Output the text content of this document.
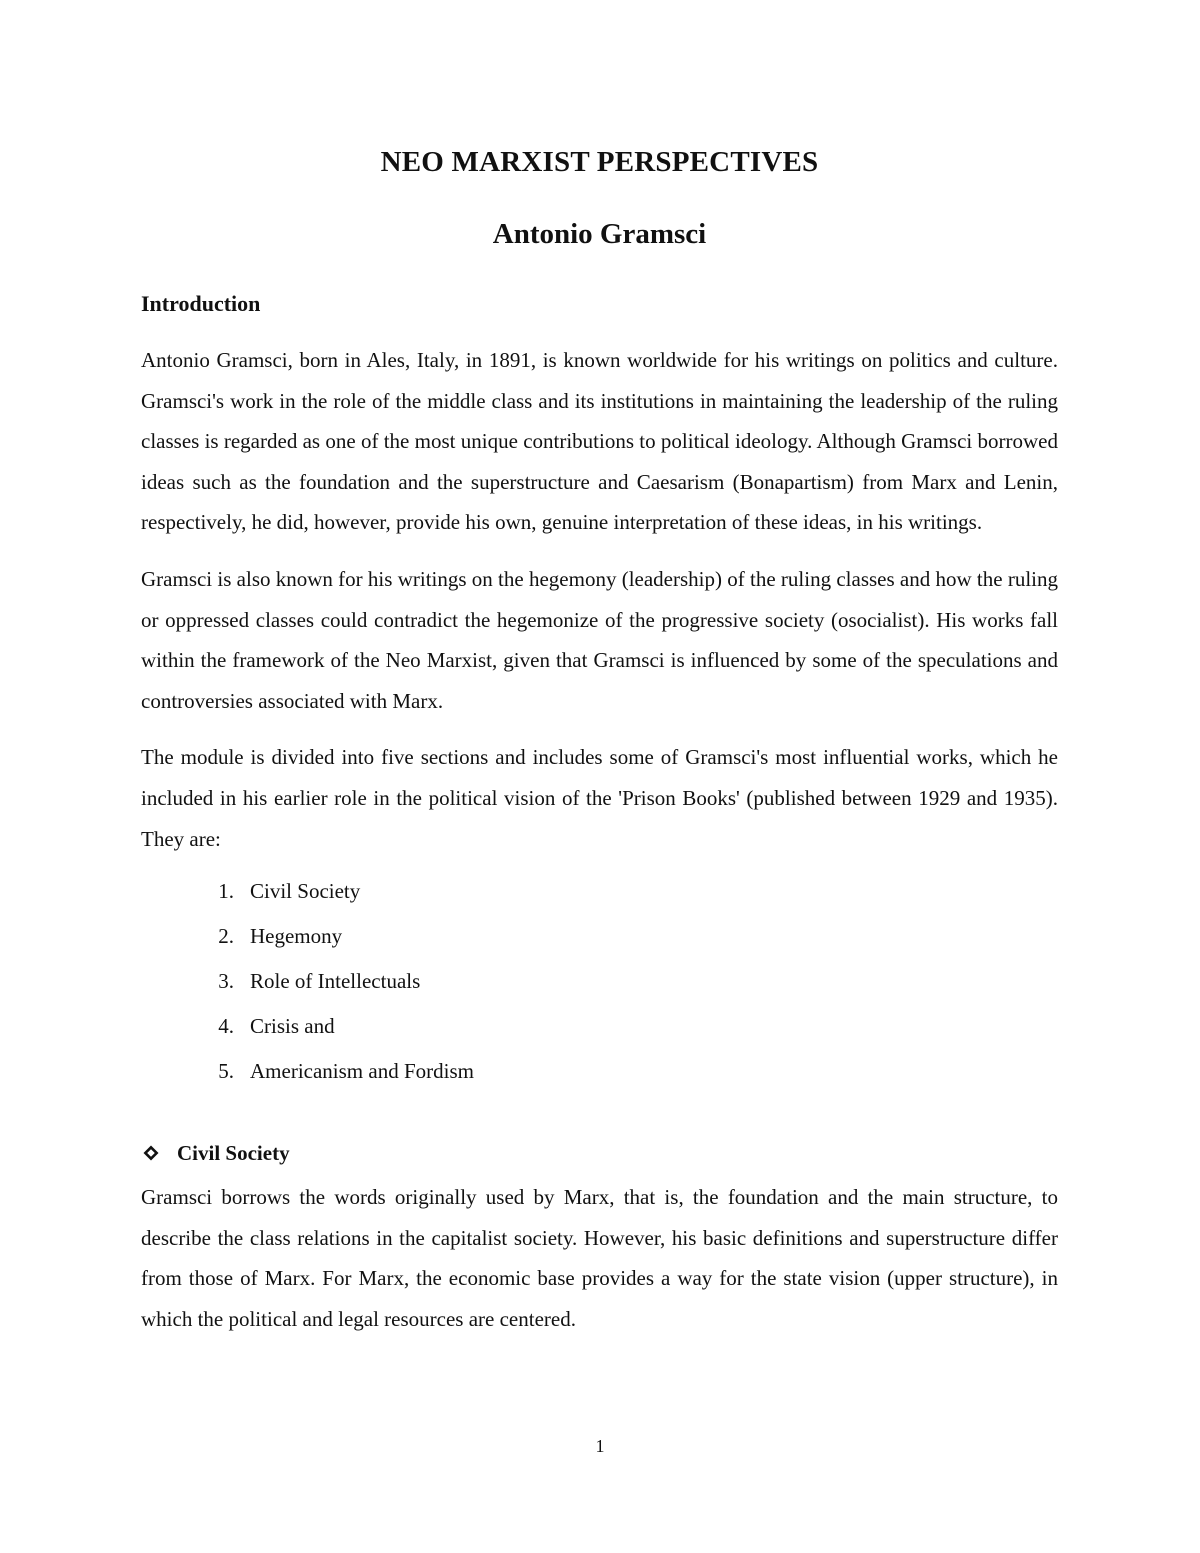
NEO MARXIST PERSPECTIVES
Antonio Gramsci
Introduction

Antonio Gramsci, born in Ales, Italy, in 1891, is known worldwide for his writings on politics and culture. Gramsci's work in the role of the middle class and its institutions in maintaining the leadership of the ruling classes is regarded as one of the most unique contributions to political ideology. Although Gramsci borrowed ideas such as the foundation and the superstructure and Caesarism (Bonapartism) from Marx and Lenin, respectively, he did, however, provide his own, genuine interpretation of these ideas, in his writings.

Gramsci is also known for his writings on the hegemony (leadership) of the ruling classes and how the ruling or oppressed classes could contradict the hegemonize of the progressive society (osocialist). His works fall within the framework of the Neo Marxist, given that Gramsci is influenced by some of the speculations and controversies associated with Marx.

The module is divided into five sections and includes some of Gramsci's most influential works, which he included in his earlier role in the political vision of the 'Prison Books' (published between 1929 and 1935). They are:

1. Civil Society
2. Hegemony
3. Role of Intellectuals
4. Crisis and
5. Americanism and Fordism
Civil Society

Gramsci borrows the words originally used by Marx, that is, the foundation and the main structure, to describe the class relations in the capitalist society. However, his basic definitions and superstructure differ from those of Marx. For Marx, the economic base provides a way for the state vision (upper structure), in which the political and legal resources are centered.

1
